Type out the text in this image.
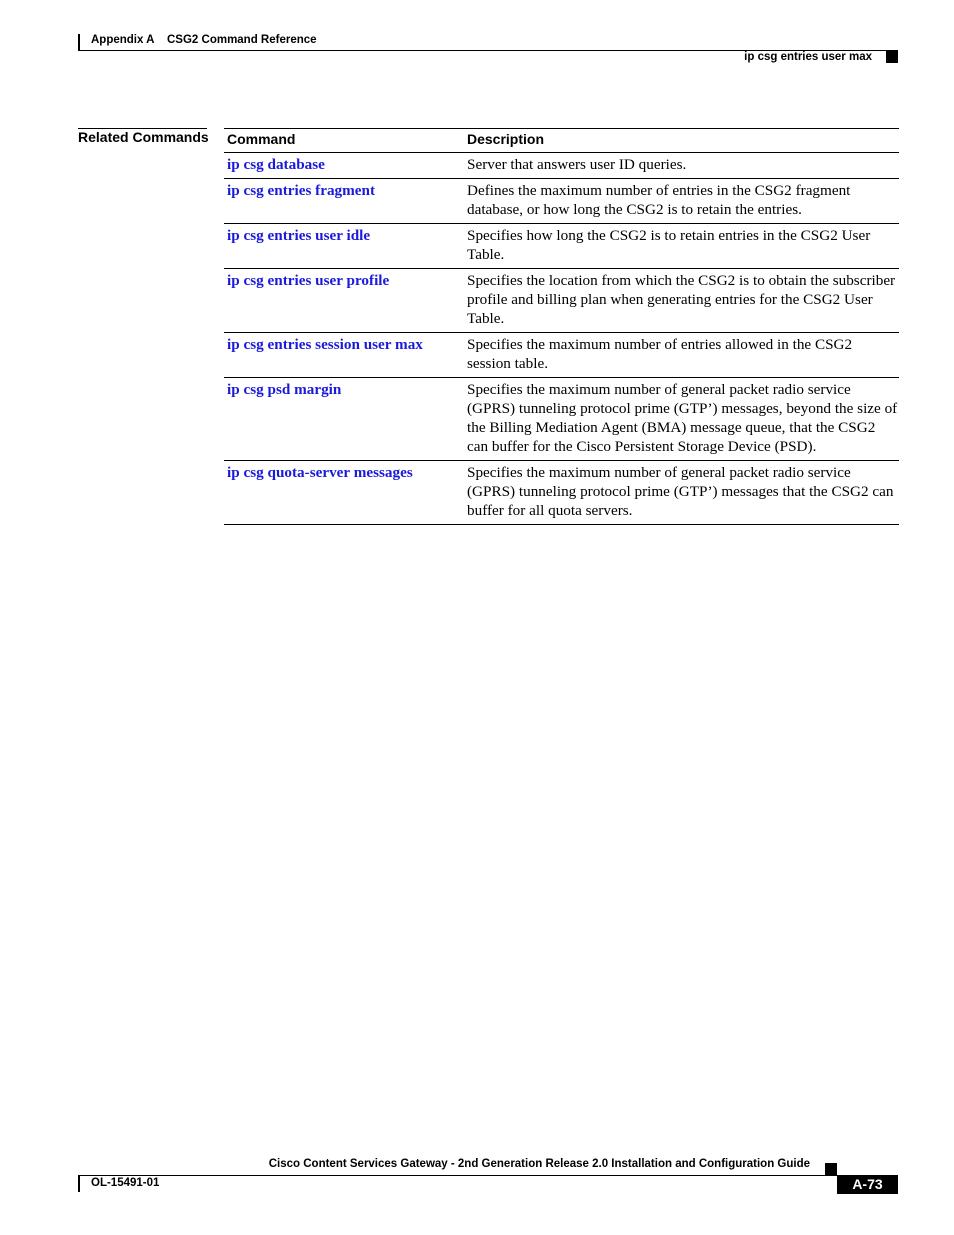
Appendix A CSG2 Command Reference
ip csg entries user max
Related Commands Command	Description
ip csg database	Server that answers user ID queries.
ip csg entries fragment	Defines the maximum number of entries in the CSG2 fragment database, or how long the CSG2 is to retain the entries.
ip csg entries user idle	Specifies how long the CSG2 is to retain entries in the CSG2 User Table.
ip csg entries user profile	Specifies the location from which the CSG2 is to obtain the subscriber profile and billing plan when generating entries for the CSG2 User Table.
ip csg entries session user max	Specifies the maximum number of entries allowed in the CSG2 session table.
ip csg psd margin	Specifies the maximum number of general packet radio service (GPRS) tunneling protocol prime (GTP’) messages, beyond the size of the Billing Mediation Agent (BMA) message queue, that the CSG2 can buffer for the Cisco Persistent Storage Device (PSD).
ip csg quota-server messages	Specifies the maximum number of general packet radio service (GPRS) tunneling protocol prime (GTP’) messages that the CSG2 can buffer for all quota servers.
Cisco Content Services Gateway - 2nd Generation Release 2.0 Installation and Configuration Guide
OL-15491-01	A-73
